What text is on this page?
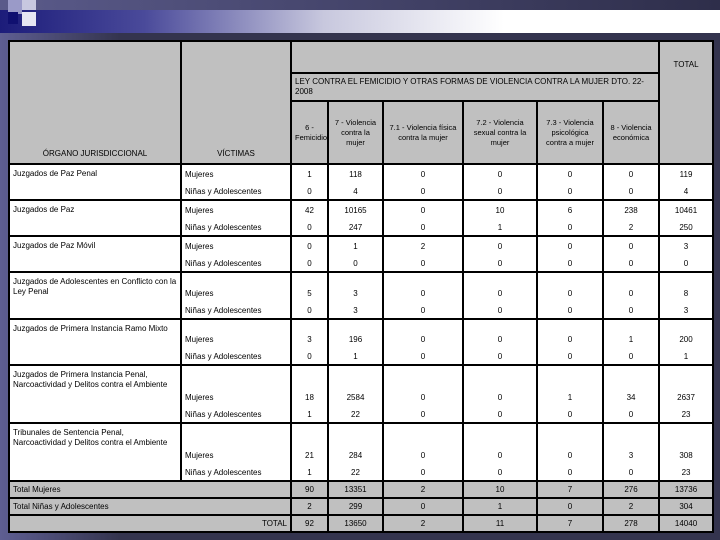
ÓRGANO JURISDICCIONAL	VÍCTIMAS							TOTAL
		LEY CONTRA EL FEMICIDIO Y OTRAS FORMAS DE VIOLENCIA CONTRA LA MUJER DTO. 22-2008						
		6 - Femicidio	7 - Violencia contra la mujer	7.1 - Violencia física contra la mujer	7.2 - Violencia sexual contra la mujer	7.3 - Violencia psicológica contra a mujer	8 - Violencia económica	
Juzgados de Paz Penal	Mujeres	1	118	0	0	0	0	119
	Niñas y Adolescentes	0	4	0	0	0	0	4
Juzgados de Paz	Mujeres	42	10165	0	10	6	238	10461
	Niñas y Adolescentes	0	247	0	1	0	2	250
Juzgados de Paz Móvil	Mujeres	0	1	2	0	0	0	3
	Niñas y Adolescentes	0	0	0	0	0	0	0
Juzgados de Adolescentes en Conflicto con la Ley Penal	Mujeres	5	3	0	0	0	0	8
	Niñas y Adolescentes	0	3	0	0	0	0	3
Juzgados de Primera Instancia Ramo Mixto	Mujeres	3	196	0	0	0	1	200
	Niñas y Adolescentes	0	1	0	0	0	0	1
Juzgados de Primera Instancia Penal, Narcoactividad y Delitos contra el Ambiente	Mujeres	18	2584	0	0	1	34	2637
	Niñas y Adolescentes	1	22	0	0	0	0	23
Tribunales de Sentencia Penal, Narcoactividad y Delitos contra el Ambiente	Mujeres	21	284	0	0	0	3	308
	Niñas y Adolescentes	1	22	0	0	0	0	23
Total Mujeres		90	13351	2	10	7	276	13736
Total Niñas y Adolescentes		2	299	0	1	0	2	304
TOTAL		92	13650	2	11	7	278	14040
